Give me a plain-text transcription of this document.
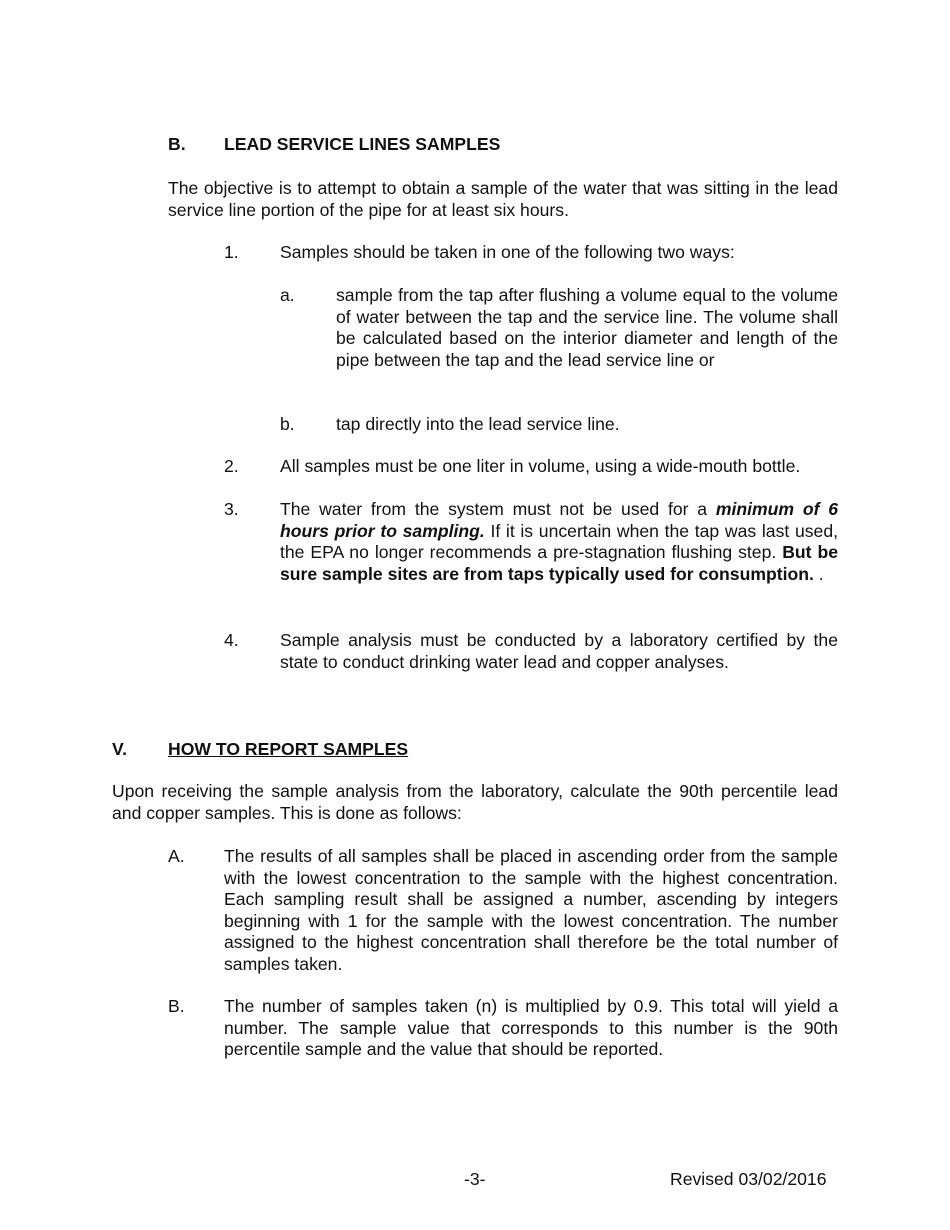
B. LEAD SERVICE LINES SAMPLES

The objective is to attempt to obtain a sample of the water that was sitting in the lead service line portion of the pipe for at least six hours.

1. Samples should be taken in one of the following two ways:

a. sample from the tap after flushing a volume equal to the volume of water between the tap and the service line. The volume shall be calculated based on the interior diameter and length of the pipe between the tap and the lead service line or

b. tap directly into the lead service line.

2. All samples must be one liter in volume, using a wide-mouth bottle.

3. The water from the system must not be used for a minimum of 6 hours prior to sampling. If it is uncertain when the tap was last used, the EPA no longer recommends a pre-stagnation flushing step. But be sure sample sites are from taps typically used for consumption. .

4. Sample analysis must be conducted by a laboratory certified by the state to conduct drinking water lead and copper analyses.

V. HOW TO REPORT SAMPLES

Upon receiving the sample analysis from the laboratory, calculate the 90th percentile lead and copper samples. This is done as follows:

A. The results of all samples shall be placed in ascending order from the sample with the lowest concentration to the sample with the highest concentration. Each sampling result shall be assigned a number, ascending by integers beginning with 1 for the sample with the lowest concentration. The number assigned to the highest concentration shall therefore be the total number of samples taken.

B. The number of samples taken (n) is multiplied by 0.9. This total will yield a number. The sample value that corresponds to this number is the 90th percentile sample and the value that should be reported.

-3-	Revised 03/02/2016
